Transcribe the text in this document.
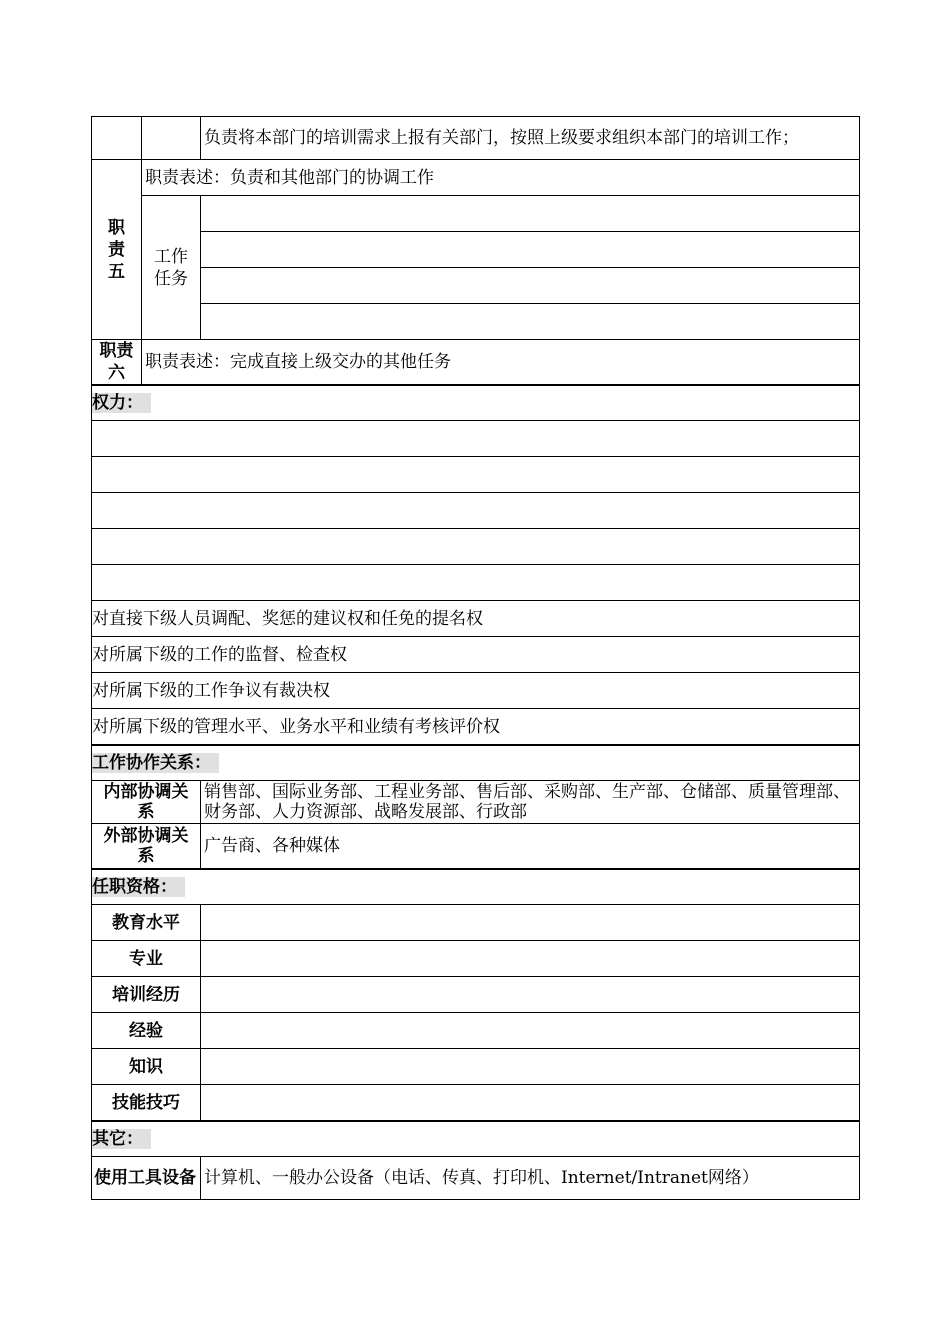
		负责将本部门的培训需求上报有关部门，按照上级要求组织本部门的培训工作；
职责五	职责表述：负责和其他部门的协调工作	
	工作任务	

职责六	职责表述：完成直接上级交办的其他任务	
权力：		

对直接下级人员调配、奖惩的建议权和任免的提名权		
对所属下级的工作的监督、检查权		
对所属下级的工作争议有裁决权		
对所属下级的管理水平、业务水平和业绩有考核评价权		
工作协作关系：		
内部协调关系		销售部、国际业务部、工程业务部、售后部、采购部、生产部、仓储部、质量管理部、财务部、人力资源部、战略发展部、行政部
外部协调关系		广告商、各种媒体
任职资格：		
教育水平		
专业		
培训经历		
经验		
知识		
技能技巧		
其它：		
使用工具设备		计算机、一般办公设备（电话、传真、打印机、Internet/Intranet网络）
